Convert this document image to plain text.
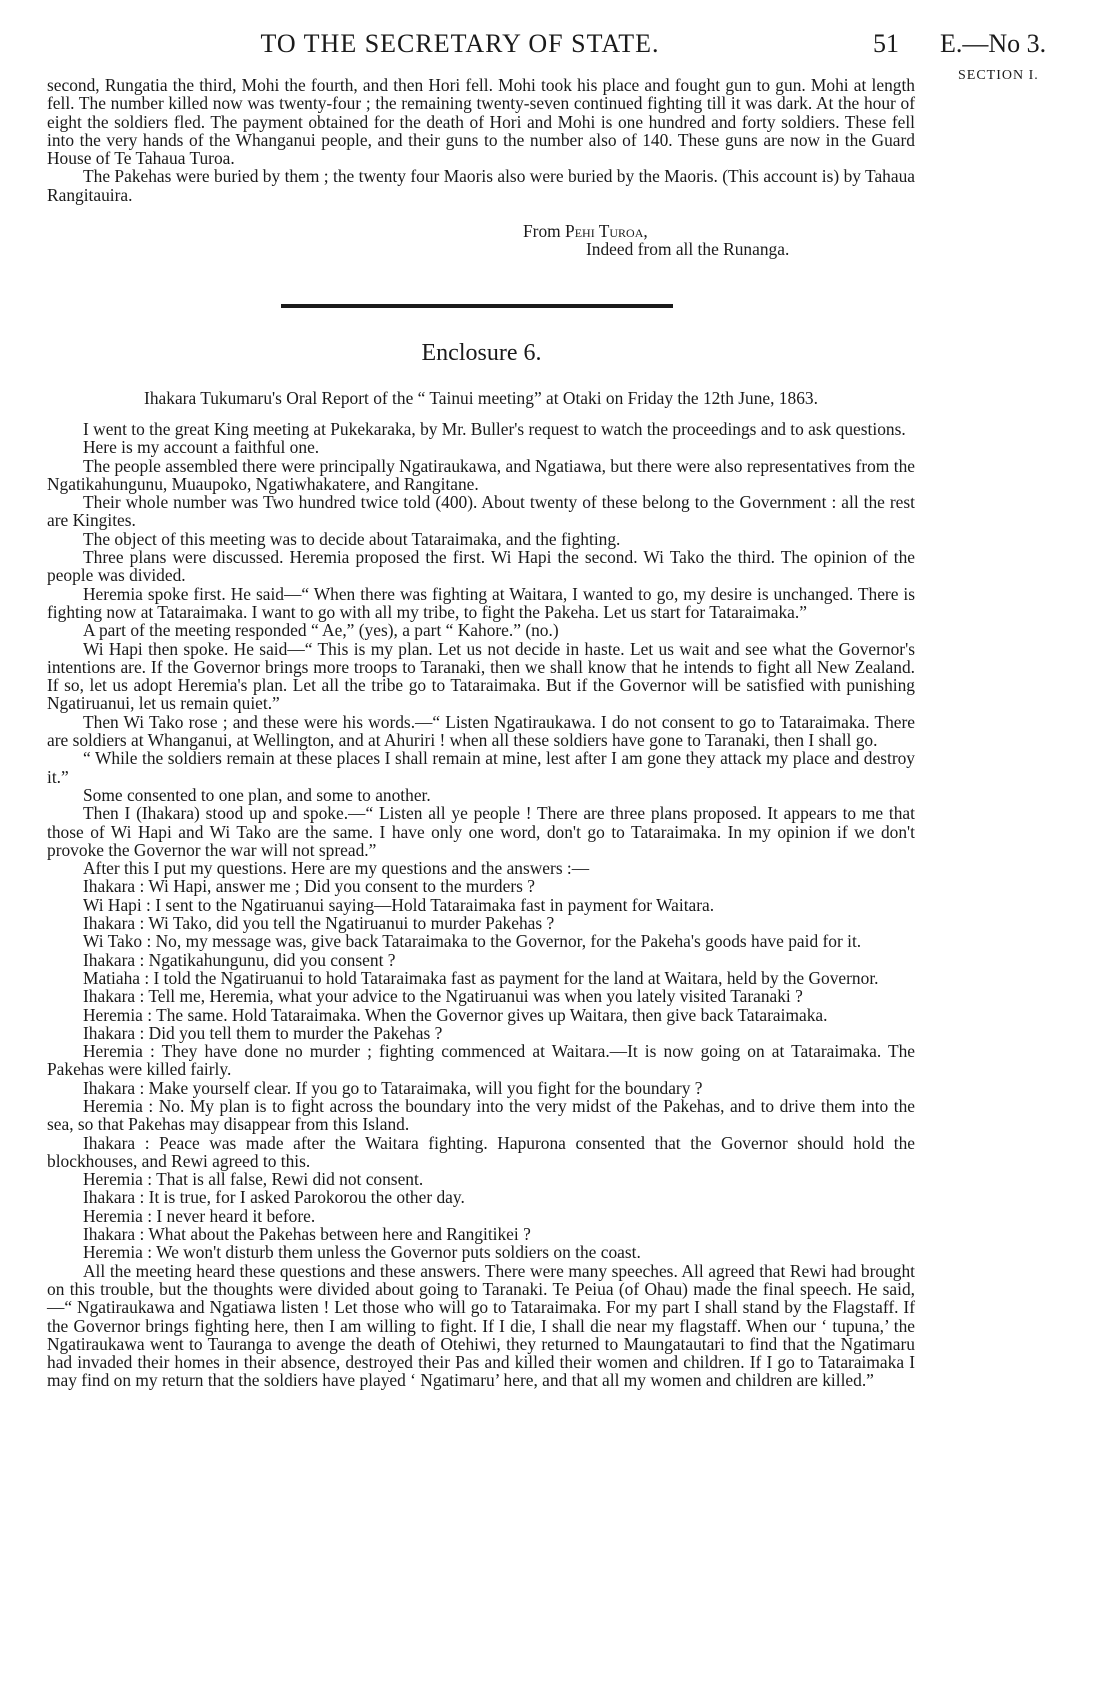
TO THE SECRETARY OF STATE.	51 E.—No 3.
SECTION I.

second, Rungatia the third, Mohi the fourth, and then Hori fell. Mohi took his place and fought gun to gun. Mohi at length fell. The number killed now was twenty-four ; the remaining twenty-seven continued fighting till it was dark. At the hour of eight the soldiers fled. The payment obtained for the death of Hori and Mohi is one hundred and forty soldiers. These fell into the very hands of the Whanganui people, and their guns to the number also of 140. These guns are now in the Guard House of Te Tahaua Turoa.

The Pakehas were buried by them ; the twenty four Maoris also were buried by the Maoris. (This account is) by Tahaua Rangitauira.

From Pehi Turoa,
Indeed from all the Runanga.
Enclosure 6.
Ihakara Tukumaru's Oral Report of the “ Tainui meeting” at Otaki on Friday the 12th June, 1863.

I went to the great King meeting at Pukekaraka, by Mr. Buller's request to watch the proceedings and to ask questions.

Here is my account a faithful one.

The people assembled there were principally Ngatiraukawa, and Ngatiawa, but there were also representatives from the Ngatikahungunu, Muaupoko, Ngatiwhakatere, and Rangitane.

Their whole number was Two hundred twice told (400). About twenty of these belong to the Government : all the rest are Kingites.

The object of this meeting was to decide about Tataraimaka, and the fighting.

Three plans were discussed. Heremia proposed the first. Wi Hapi the second. Wi Tako the third. The opinion of the people was divided.

Heremia spoke first. He said—“ When there was fighting at Waitara, I wanted to go, my desire is unchanged. There is fighting now at Tataraimaka. I want to go with all my tribe, to fight the Pakeha. Let us start for Tataraimaka.”

A part of the meeting responded “ Ae,” (yes), a part “ Kahore.” (no.)

Wi Hapi then spoke. He said—“ This is my plan. Let us not decide in haste. Let us wait and see what the Governor's intentions are. If the Governor brings more troops to Taranaki, then we shall know that he intends to fight all New Zealand. If so, let us adopt Heremia's plan. Let all the tribe go to Tataraimaka. But if the Governor will be satisfied with punishing Ngatiruanui, let us remain quiet.”

Then Wi Tako rose ; and these were his words.—“ Listen Ngatiraukawa. I do not consent to go to Tataraimaka. There are soldiers at Whanganui, at Wellington, and at Ahuriri ! when all these soldiers have gone to Taranaki, then I shall go.

“ While the soldiers remain at these places I shall remain at mine, lest after I am gone they attack my place and destroy it.”

Some consented to one plan, and some to another.

Then I (Ihakara) stood up and spoke.—“ Listen all ye people ! There are three plans proposed. It appears to me that those of Wi Hapi and Wi Tako are the same. I have only one word, don't go to Tataraimaka. In my opinion if we don't provoke the Governor the war will not spread.”

After this I put my questions. Here are my questions and the answers :—

Ihakara : Wi Hapi, answer me ; Did you consent to the murders ?

Wi Hapi : I sent to the Ngatiruanui saying—Hold Tataraimaka fast in payment for Waitara.

Ihakara : Wi Tako, did you tell the Ngatiruanui to murder Pakehas ?

Wi Tako : No, my message was, give back Tataraimaka to the Governor, for the Pakeha's goods have paid for it.

Ihakara : Ngatikahungunu, did you consent ?

Matiaha : I told the Ngatiruanui to hold Tataraimaka fast as payment for the land at Waitara, held by the Governor.

Ihakara : Tell me, Heremia, what your advice to the Ngatiruanui was when you lately visited Taranaki ?

Heremia : The same. Hold Tataraimaka. When the Governor gives up Waitara, then give back Tataraimaka.

Ihakara : Did you tell them to murder the Pakehas ?

Heremia : They have done no murder ; fighting commenced at Waitara.—It is now going on at Tataraimaka. The Pakehas were killed fairly.

Ihakara : Make yourself clear. If you go to Tataraimaka, will you fight for the boundary ?

Heremia : No. My plan is to fight across the boundary into the very midst of the Pakehas, and to drive them into the sea, so that Pakehas may disappear from this Island.

Ihakara : Peace was made after the Waitara fighting. Hapurona consented that the Governor should hold the blockhouses, and Rewi agreed to this.

Heremia : That is all false, Rewi did not consent.

Ihakara : It is true, for I asked Parokorou the other day.

Heremia : I never heard it before.

Ihakara : What about the Pakehas between here and Rangitikei ?

Heremia : We won't disturb them unless the Governor puts soldiers on the coast.

All the meeting heard these questions and these answers. There were many speeches. All agreed that Rewi had brought on this trouble, but the thoughts were divided about going to Taranaki. Te Peiua (of Ohau) made the final speech. He said,—“ Ngatiraukawa and Ngatiawa listen ! Let those who will go to Tataraimaka. For my part I shall stand by the Flagstaff. If the Governor brings fighting here, then I am willing to fight. If I die, I shall die near my flagstaff. When our ‘ tupuna,’ the Ngatiraukawa went to Tauranga to avenge the death of Otehiwi, they returned to Maungatautari to find that the Ngatimaru had invaded their homes in their absence, destroyed their Pas and killed their women and children. If I go to Tataraimaka I may find on my return that the soldiers have played ‘ Ngatimaru’ here, and that all my women and children are killed.”
